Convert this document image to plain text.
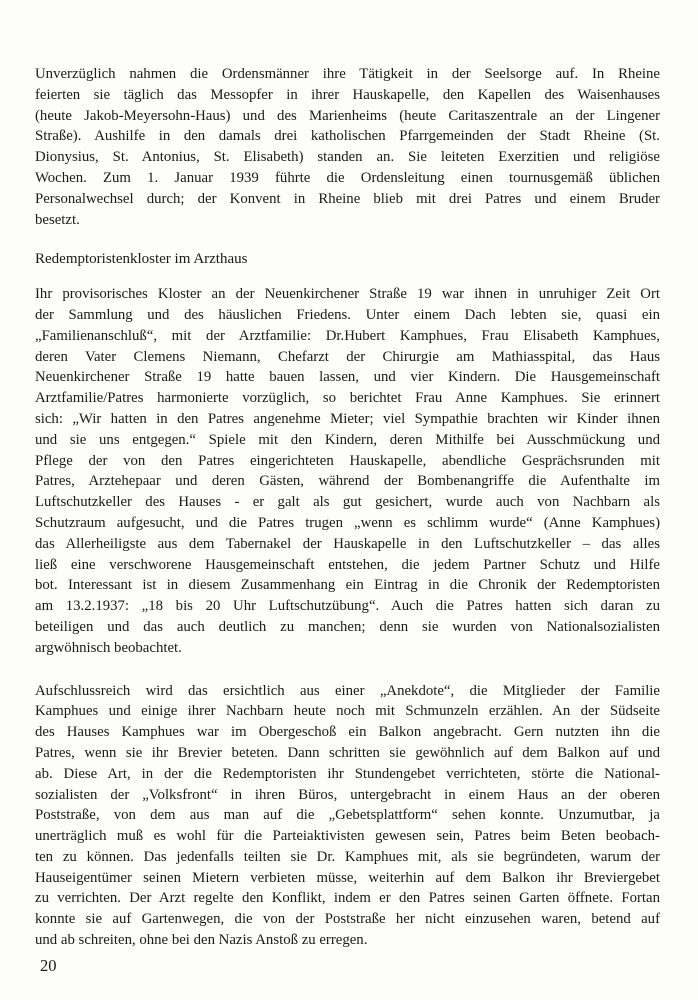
Unverzüglich nahmen die Ordensmänner ihre Tätigkeit in der Seelsorge auf. In Rheine
feierten sie täglich das Messopfer in ihrer Hauskapelle, den Kapellen des Waisenhauses
(heute Jakob-Meyersohn-Haus) und des Marienheims (heute Caritaszentrale an der Lingener
Straße). Aushilfe in den damals drei katholischen Pfarrgemeinden der Stadt Rheine (St.
Dionysius, St. Antonius, St. Elisabeth) standen an. Sie leiteten Exerzitien und religiöse
Wochen. Zum 1. Januar 1939 führte die Ordensleitung einen tournusgemäß üblichen
Personalwechsel durch; der Konvent in Rheine blieb mit drei Patres und einem Bruder
besetzt.
Redemptoristenkloster im Arzthaus
Ihr provisorisches Kloster an der Neuenkirchener Straße 19 war ihnen in unruhiger Zeit Ort
der Sammlung und des häuslichen Friedens. Unter einem Dach lebten sie, quasi ein
„Familienanschluß“, mit der Arztfamilie: Dr.Hubert Kamphues, Frau Elisabeth Kamphues,
deren Vater Clemens Niemann, Chefarzt der Chirurgie am Mathiasspital, das Haus
Neuenkirchener Straße 19 hatte bauen lassen, und vier Kindern. Die Hausgemeinschaft
Arztfamilie/Patres harmonierte vorzüglich, so berichtet Frau Anne Kamphues. Sie erinnert
sich: „Wir hatten in den Patres angenehme Mieter; viel Sympathie brachten wir Kinder ihnen
und sie uns entgegen.“ Spiele mit den Kindern, deren Mithilfe bei Ausschmückung und
Pflege der von den Patres eingerichteten Hauskapelle, abendliche Gesprächsrunden mit
Patres, Arztehepaar und deren Gästen, während der Bombenangriffe die Aufenthalte im
Luftschutzkeller des Hauses - er galt als gut gesichert, wurde auch von Nachbarn als
Schutzraum aufgesucht, und die Patres trugen „wenn es schlimm wurde“ (Anne Kamphues)
das Allerheiligste aus dem Tabernakel der Hauskapelle in den Luftschutzkeller – das alles
ließ eine verschworene Hausgemeinschaft entstehen, die jedem Partner Schutz und Hilfe
bot. Interessant ist in diesem Zusammenhang ein Eintrag in die Chronik der Redemptoristen
am 13.2.1937: „18 bis 20 Uhr Luftschutzübung“. Auch die Patres hatten sich daran zu
beteiligen und das auch deutlich zu manchen; denn sie wurden von Nationalsozialisten
argwöhnisch beobachtet.
Aufschlussreich wird das ersichtlich aus einer „Anekdote“, die Mitglieder der Familie
Kamphues und einige ihrer Nachbarn heute noch mit Schmunzeln erzählen. An der Südseite
des Hauses Kamphues war im Obergeschoß ein Balkon angebracht. Gern nutzten ihn die
Patres, wenn sie ihr Brevier beteten. Dann schritten sie gewöhnlich auf dem Balkon auf und
ab. Diese Art, in der die Redemptoristen ihr Stundengebet verrichteten, störte die National-
sozialisten der „Volksfront“ in ihren Büros, untergebracht in einem Haus an der oberen
Poststraße, von dem aus man auf die „Gebetsplattform“ sehen konnte. Unzumutbar, ja
unerträglich muß es wohl für die Parteiaktivisten gewesen sein, Patres beim Beten beobach-
ten zu können. Das jedenfalls teilten sie Dr. Kamphues mit, als sie begründeten, warum der
Hauseigentümer seinen Mietern verbieten müsse, weiterhin auf dem Balkon ihr Breviergebet
zu verrichten. Der Arzt regelte den Konflikt, indem er den Patres seinen Garten öffnete. Fortan
konnte sie auf Gartenwegen, die von der Poststraße her nicht einzusehen waren, betend auf
und ab schreiten, ohne bei den Nazis Anstoß zu erregen.
20
